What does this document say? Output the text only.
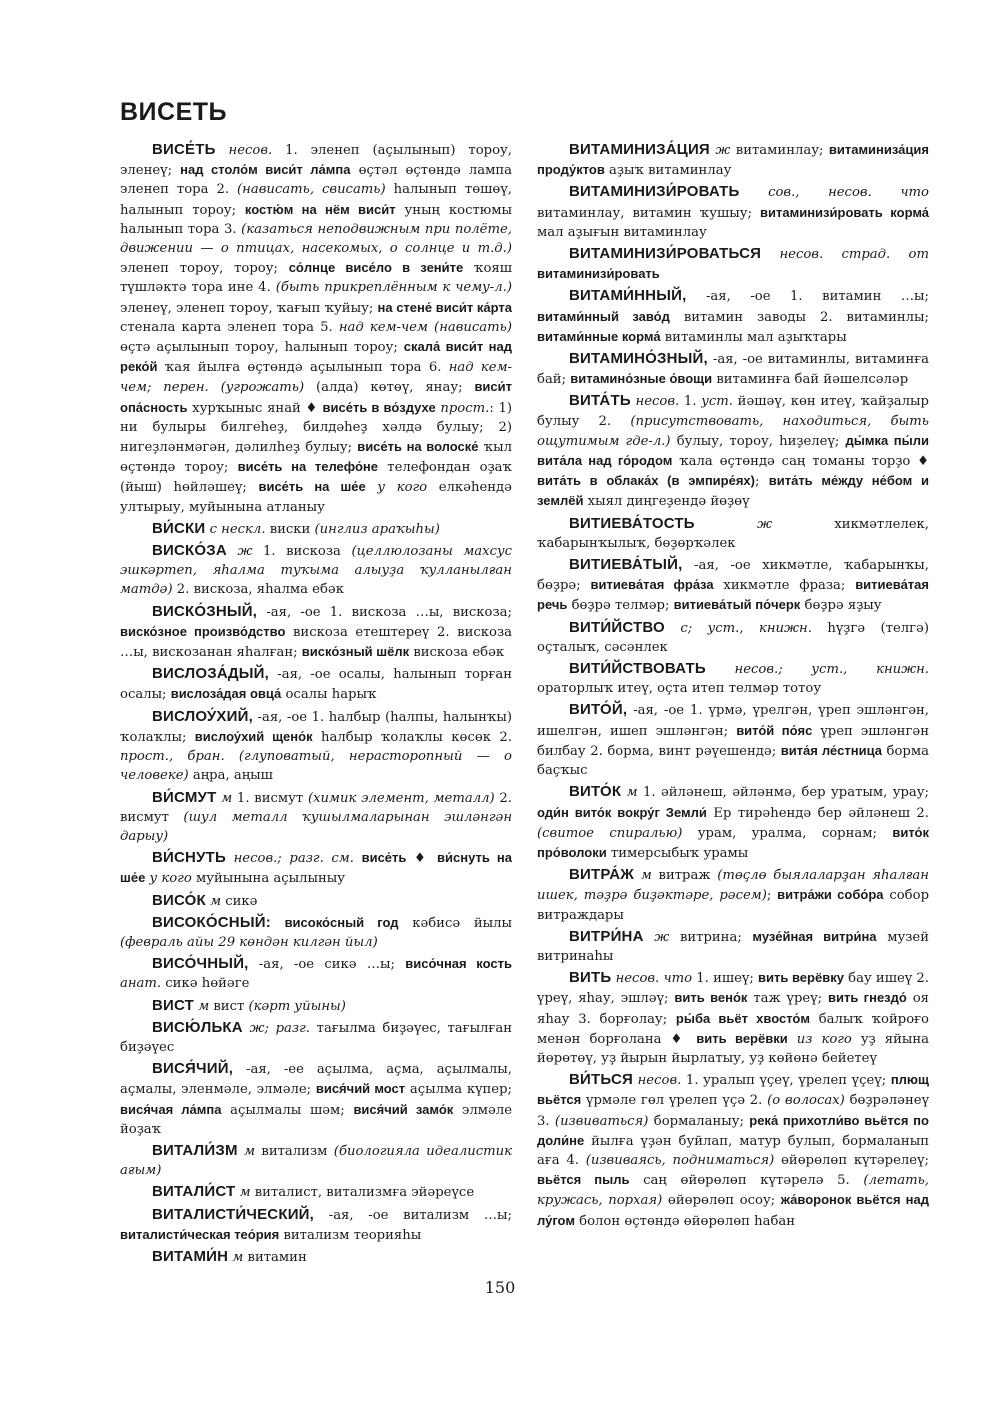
ВИСЕТЬ

ВИСЕ́ТЬ несов. 1. эленеп (аҫылынып) тороу, эленеү; над столо́м виси́т ла́мпа өҫтәл өҫтөндә лампа эленеп тора 2. (нависать, свисать) һалынып төшөү, һалынып тороу; костю́м на нём виси́т уның костюмы һалынып тора 3. (казаться неподвижным при полёте, движении — о птицах, насекомых, о солнце и т.д.) эленеп тороу, тороу; со́лнце висе́ло в зени́те ҡояш түшләктә тора ине 4. (быть прикреплённым к чему-л.) эленеү, эленеп тороу, ҡағып ҡуйыу; на стене́ виси́т ка́рта стенала карта эленеп тора 5. над кем-чем (нависать) өҫтә аҫылынып тороу, һалынып тороу; скала́ виси́т над реко́й ҡая йылға өҫтөндә аҫылынып тора 6. над кем-чем; перен. (угрожать) (алда) көтөү, янау; виси́т опа́сность хурҡыныс янай ♦ висе́ть в во́здухе прост.: 1) ни булыры билгеһеҙ, билдәһеҙ хәлдә булыу; 2) нигеҙләнмәгән, дәлилһеҙ булыу; висе́ть на волоске́ ҡыл өҫтөндә тороу; висе́ть на телефо́не телефондан оҙаҡ (йыш) һөйләшеү; висе́ть на ше́е у кого елкәһендә ултырыу, муйынына атланыу

ВИ́СКИ с нескл. виски (инглиз араҡыһы)

ВИСКО́ЗА ж 1. вискоза (целлюлозаны махсус эшкәртеп, яһалма туҡыма алыуҙа ҡулланылған матдә) 2. вискоза, яһалма ебәк

ВИСКО́ЗНЫЙ, -ая, -ое 1. вискоза …ы, вискоза; виско́зное произво́дство вискоза етештереү 2. вискоза …ы, вискозанан яһалған; виско́зный шёлк вискоза ебәк

ВИСЛОЗА́ДЫЙ, -ая, -ое осалы, һалынып торған осалы; вислоза́дая овца́ осалы һарыҡ

ВИСЛОУ́ХИЙ, -ая, -ое 1. һалбыр (һалпы, һалынҡы) ҡолаҡлы; вислоу́хий щено́к һалбыр ҡолаҡлы көсөк 2. прост., бран. (глуповатый, нерасторопный — о человеке) аңра, аңыш

ВИ́СМУТ м 1. висмут (химик элемент, металл) 2. висмут (шул металл ҡушылмаларынан эшләнгән дарыу)

ВИ́СНУТЬ несов.; разг. см. висе́ть ♦ ви́снуть на ше́е у кого муйынына аҫылыныу

ВИСО́К м сикә

ВИСОКО́СНЫЙ: високо́сный год кәбисә йылы (февраль айы 29 көндән килгән йыл)

ВИСО́ЧНЫЙ, -ая, -ое сикә …ы; висо́чная кость анат. сикә һөйәге

ВИСТ м вист (кәрт уйыны)

ВИСЮ́ЛЬКА ж; разг. тағылма биҙәүес, тағылған биҙәүес

ВИСЯ́ЧИЙ, -ая, -ее аҫылма, аҫма, аҫылмалы, аҫмалы, эленмәле, элмәле; вися́чий мост аҫылма күпер; вися́чая ла́мпа аҫылмалы шәм; вися́чий замо́к элмәле йоҙаҡ

ВИТАЛИ́ЗМ м витализм (биологияла идеалистик ағым)

ВИТАЛИ́СТ м виталист, витализмға эйәреүсе

ВИТАЛИСТИ́ЧЕСКИЙ, -ая, -ое витализм …ы; виталисти́ческая тео́рия витализм теорияһы

ВИТАМИ́Н м витамин

ВИТАМИНИЗА́ЦИЯ ж витаминлау; витаминиза́ция проду́ктов аҙыҡ витаминлау

ВИТАМИНИЗИ́РОВАТЬ сов., несов. что витаминлау, витамин ҡушыу; витаминизи́ровать корма́ мал аҙығын витаминлау

ВИТАМИНИЗИ́РОВАТЬСЯ несов. страд. от витаминизи́ровать

ВИТАМИ́ННЫЙ, -ая, -ое 1. витамин …ы; витами́нный заво́д витамин заводы 2. витаминлы; витами́нные корма́ витаминлы мал аҙыҡтары

ВИТАМИНО́ЗНЫЙ, -ая, -ое витаминлы, витаминға бай; витамино́зные о́вощи витаминға бай йәшелсәләр

ВИТА́ТЬ несов. 1. уст. йәшәү, көн итеү, ҡайҙалыр булыу 2. (присутствовать, находиться, быть ощутимым где-л.) булыу, тороу, һиҙелеү; ды́мка пы́ли вита́ла над го́родом ҡала өҫтөндә саң томаны торҙо ♦ вита́ть в облака́х (в эмпире́ях); вита́ть ме́жду не́бом и землёй хыял диңгеҙендә йөҙөү

ВИТИЕВА́ТОСТЬ	ж хикмәтлелек, ҡабарынҡылыҡ, бөҙөрҡәлек

ВИТИЕВА́ТЫЙ, -ая, -ое хикмәтле, ҡабарынҡы, бөҙрә; витиева́тая фра́за хикмәтле фраза; витиева́тая речь бөҙрә телмәр; витиева́тый по́черк бөҙрә яҙыу

ВИТИ́ЙСТВО с; уст., книжн. һүҙгә (телгә) оҫталыҡ, сәсәнлек

ВИТИ́ЙСТВОВАТЬ несов.; уст., книжн. ораторлыҡ итеү, оҫта итеп телмәр тотоу

ВИТО́Й, -ая, -ое 1. үрмә, үрелгән, үреп эшләнгән, ишелгән, ишеп эшләнгән; вито́й по́яс үреп эшләнгән билбау 2. борма, винт рәүешендә; вита́я ле́стница борма баҫҡыс

ВИТО́К м 1. әйләнеш, әйләнмә, бер уратым, урау; оди́н вито́к вокру́г Земли́ Ер тирәһендә бер әйләнеш 2. (свитое спиралью) урам, уралма, сорнам; вито́к про́волоки тимерсыбыҡ урамы

ВИТРА́Ж м витраж (төҫлө быялаларҙан яһалған ишек, тәҙрә биҙәктәре, рәсем); витра́жи собо́ра собор витраждары

ВИТРИ́НА ж витрина; музе́йная витри́на музей витринаһы

ВИТЬ несов. что 1. ишеү; вить верёвку бау ишеү 2. үреү, яһау, эшләү; вить вено́к таж үреү; вить гнездо́ оя яһау 3. борғолау; ры́ба вьёт хвосто́м балыҡ ҡойроғо менән борғолана ♦ вить верёвки из кого уҙ яйына йөрөтөү, уҙ йырын йырлатыу, уҙ көйөнә бейетеү

ВИ́ТЬСЯ несов. 1. уралып үҫеү, үрелеп үҫеү; плющ вьётся үрмәле гөл үрелеп үҫә 2. (о волосах) бөҙрәләнеү 3. (извиваться) бормаланыу; река́ прихотли́во вьётся по доли́не йылға үҙән буйлап, матур булып, бормаланып аға 4. (извиваясь, подниматься) өйөрөлөп күтәрелеү; вьётся пыль саң өйөрөлөп күтәрелә 5. (летать, кружась, порхая) өйөрөлөп осоу; жа́воронок вьётся над лу́гом болон өҫтөндә өйөрөлөп һабан

150
